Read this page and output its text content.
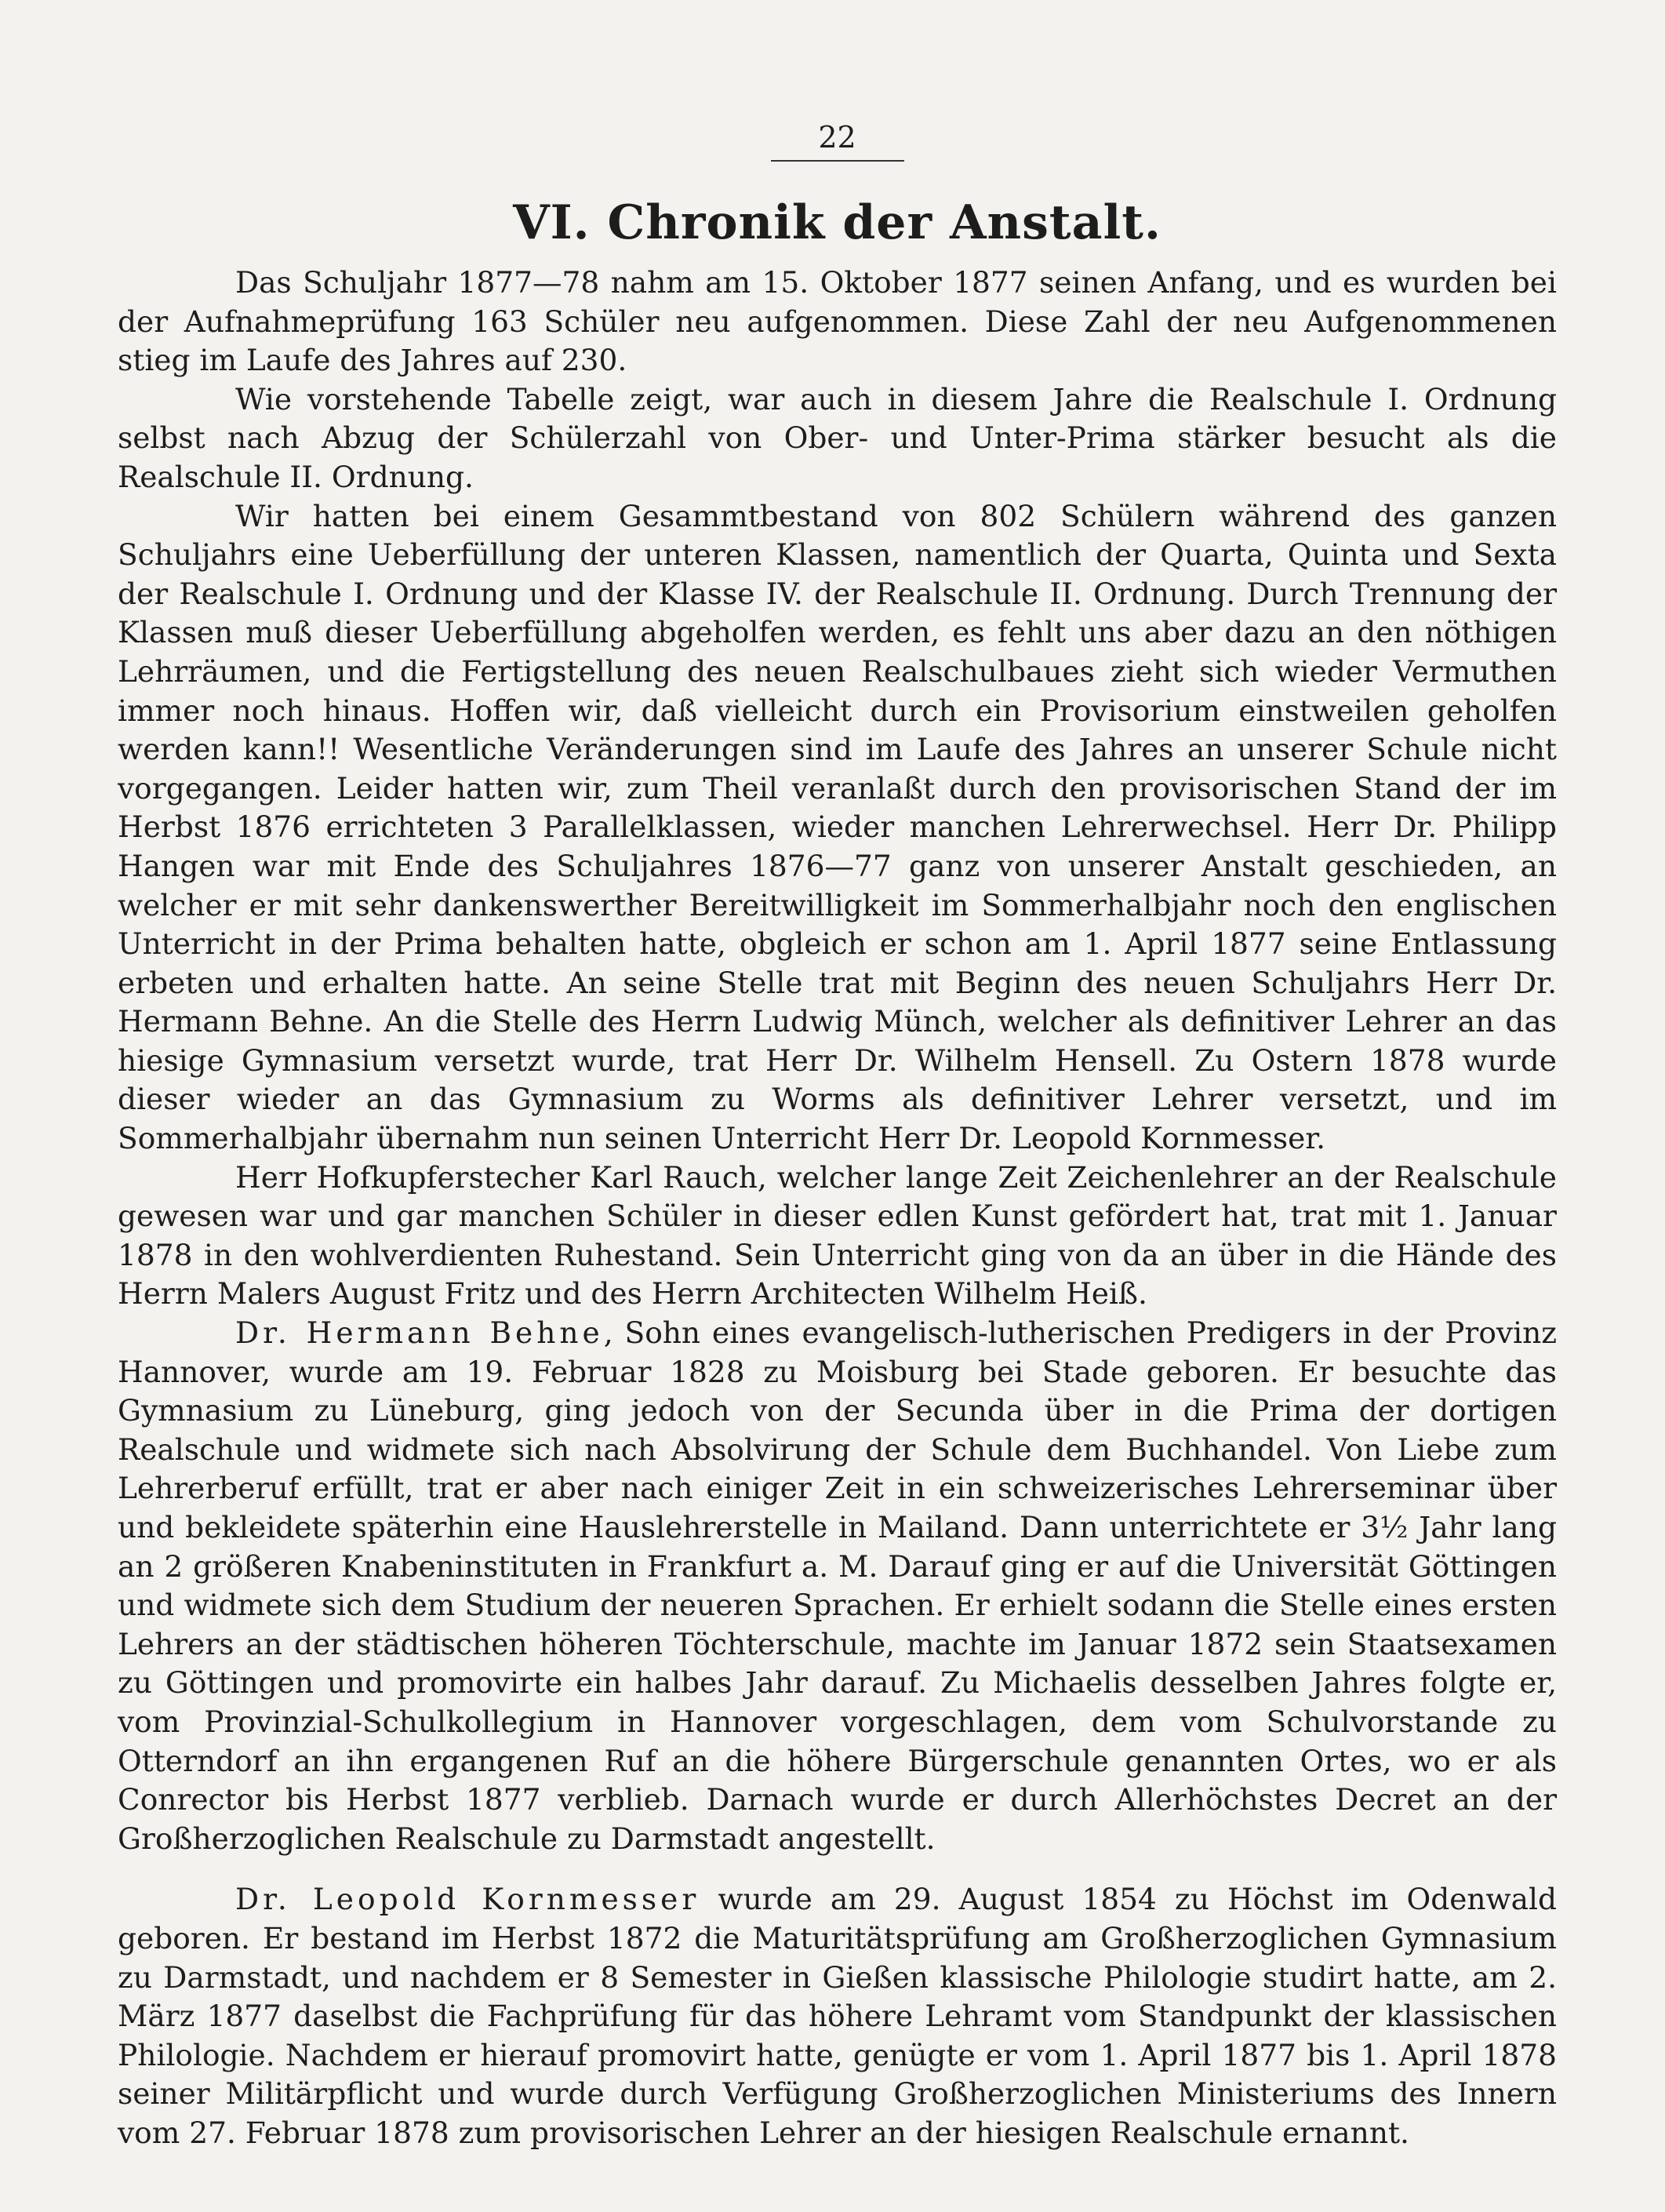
22

VI. Chronik der Anstalt.

Das Schuljahr 1877—78 nahm am 15. Oktober 1877 seinen Anfang, und es wurden bei der Aufnahmeprüfung 163 Schüler neu aufgenommen. Diese Zahl der neu Aufgenommenen stieg im Laufe des Jahres auf 230.

Wie vorstehende Tabelle zeigt, war auch in diesem Jahre die Realschule I. Ordnung selbst nach Abzug der Schülerzahl von Ober- und Unter-Prima stärker besucht als die Realschule II. Ordnung.

Wir hatten bei einem Gesammtbestand von 802 Schülern während des ganzen Schuljahrs eine Ueberfüllung der unteren Klassen, namentlich der Quarta, Quinta und Sexta der Realschule I. Ordnung und der Klasse IV. der Realschule II. Ordnung. Durch Trennung der Klassen muß dieser Ueberfüllung abgeholfen werden, es fehlt uns aber dazu an den nöthigen Lehrräumen, und die Fertigstellung des neuen Realschulbaues zieht sich wieder Vermuthen immer noch hinaus. Hoffen wir, daß vielleicht durch ein Provisorium einstweilen geholfen werden kann!! Wesentliche Veränderungen sind im Laufe des Jahres an unserer Schule nicht vorgegangen. Leider hatten wir, zum Theil veranlaßt durch den provisorischen Stand der im Herbst 1876 errichteten 3 Parallelklassen, wieder manchen Lehrerwechsel. Herr Dr. Philipp Hangen war mit Ende des Schuljahres 1876—77 ganz von unserer Anstalt geschieden, an welcher er mit sehr dankenswerther Bereitwilligkeit im Sommerhalbjahr noch den englischen Unterricht in der Prima behalten hatte, obgleich er schon am 1. April 1877 seine Entlassung erbeten und erhalten hatte. An seine Stelle trat mit Beginn des neuen Schuljahrs Herr Dr. Hermann Behne. An die Stelle des Herrn Ludwig Münch, welcher als definitiver Lehrer an das hiesige Gymnasium versetzt wurde, trat Herr Dr. Wilhelm Hensell. Zu Ostern 1878 wurde dieser wieder an das Gymnasium zu Worms als definitiver Lehrer versetzt, und im Sommerhalbjahr übernahm nun seinen Unterricht Herr Dr. Leopold Kornmesser.

Herr Hofkupferstecher Karl Rauch, welcher lange Zeit Zeichenlehrer an der Realschule gewesen war und gar manchen Schüler in dieser edlen Kunst gefördert hat, trat mit 1. Januar 1878 in den wohlverdienten Ruhestand. Sein Unterricht ging von da an über in die Hände des Herrn Malers August Fritz und des Herrn Architecten Wilhelm Heiß.

Dr. Hermann Behne, Sohn eines evangelisch-lutherischen Predigers in der Provinz Hannover, wurde am 19. Februar 1828 zu Moisburg bei Stade geboren. Er besuchte das Gymnasium zu Lüneburg, ging jedoch von der Secunda über in die Prima der dortigen Realschule und widmete sich nach Absolvirung der Schule dem Buchhandel. Von Liebe zum Lehrerberuf erfüllt, trat er aber nach einiger Zeit in ein schweizerisches Lehrerseminar über und bekleidete späterhin eine Hauslehrerstelle in Mailand. Dann unterrichtete er 3½ Jahr lang an 2 größeren Knabeninstituten in Frankfurt a. M. Darauf ging er auf die Universität Göttingen und widmete sich dem Studium der neueren Sprachen. Er erhielt sodann die Stelle eines ersten Lehrers an der städtischen höheren Töchterschule, machte im Januar 1872 sein Staatsexamen zu Göttingen und promovirte ein halbes Jahr darauf. Zu Michaelis desselben Jahres folgte er, vom Provinzial-Schulkollegium in Hannover vorgeschlagen, dem vom Schulvorstande zu Otterndorf an ihn ergangenen Ruf an die höhere Bürgerschule genannten Ortes, wo er als Conrector bis Herbst 1877 verblieb. Darnach wurde er durch Allerhöchstes Decret an der Großherzoglichen Realschule zu Darmstadt angestellt.

Dr. Leopold Kornmesser wurde am 29. August 1854 zu Höchst im Odenwald geboren. Er bestand im Herbst 1872 die Maturitätsprüfung am Großherzoglichen Gymnasium zu Darmstadt, und nachdem er 8 Semester in Gießen klassische Philologie studirt hatte, am 2. März 1877 daselbst die Fachprüfung für das höhere Lehramt vom Standpunkt der klassischen Philologie. Nachdem er hierauf promovirt hatte, genügte er vom 1. April 1877 bis 1. April 1878 seiner Militärpflicht und wurde durch Verfügung Großherzoglichen Ministeriums des Innern vom 27. Februar 1878 zum provisorischen Lehrer an der hiesigen Realschule ernannt.
